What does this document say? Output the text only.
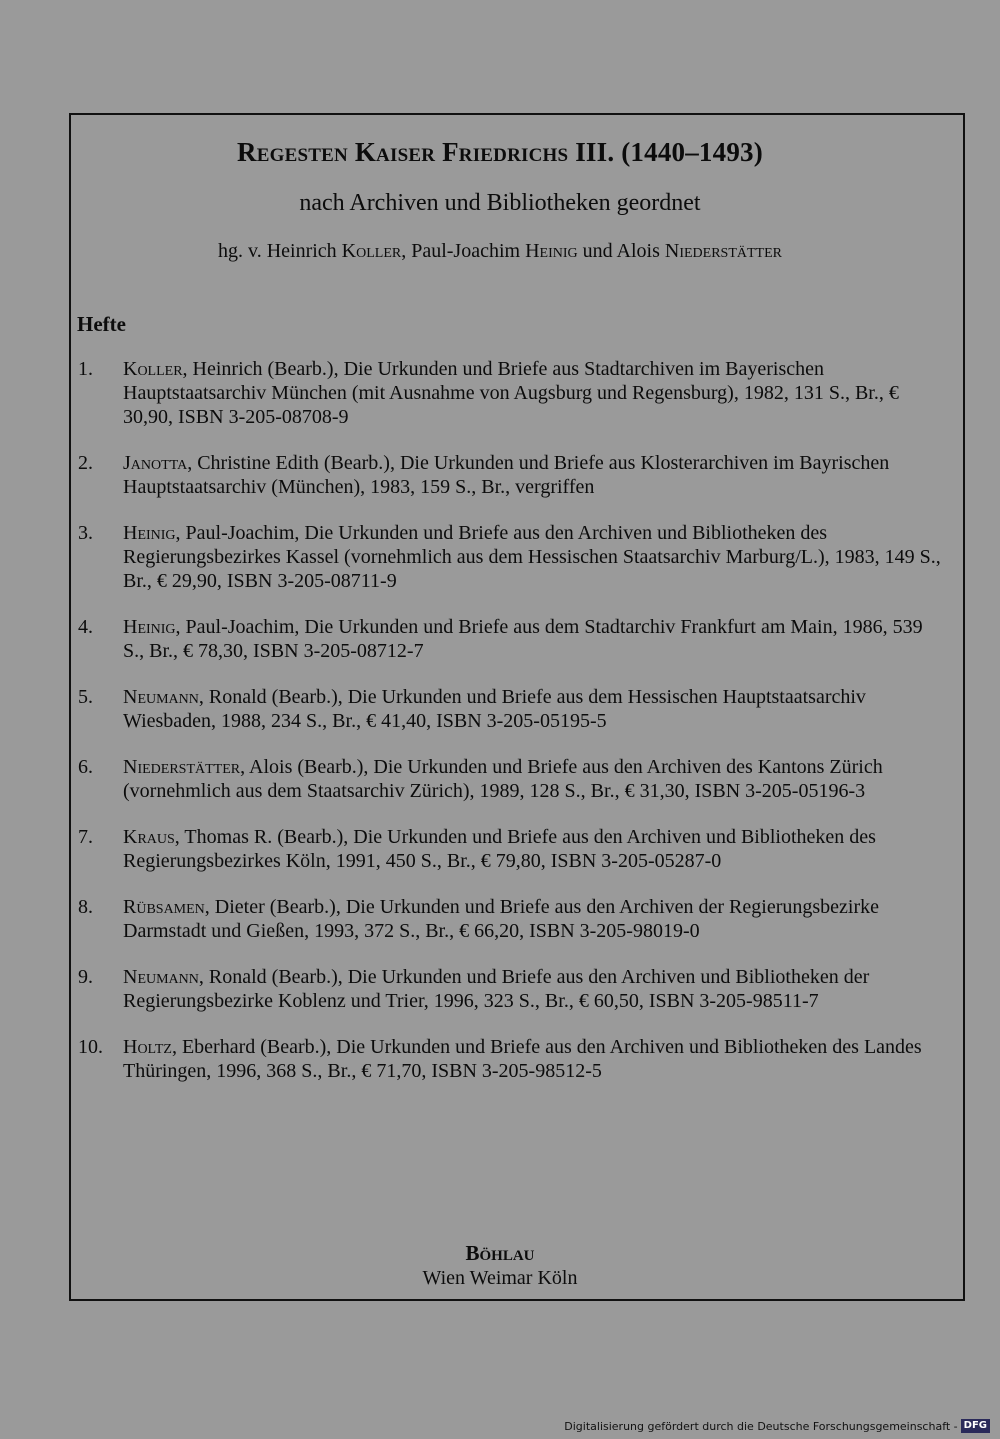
Regesten Kaiser Friedrichs III. (1440–1493)
nach Archiven und Bibliotheken geordnet
hg. v. Heinrich Koller, Paul-Joachim Heinig und Alois Niederstätter
Hefte
1. Koller, Heinrich (Bearb.), Die Urkunden und Briefe aus Stadtarchiven im Bayerischen Hauptstaatsarchiv München (mit Ausnahme von Augsburg und Regensburg), 1982, 131 S., Br., € 30,90, ISBN 3-205-08708-9
2. Janotta, Christine Edith (Bearb.), Die Urkunden und Briefe aus Klosterarchiven im Bayrischen Hauptstaatsarchiv (München), 1983, 159 S., Br., vergriffen
3. Heinig, Paul-Joachim, Die Urkunden und Briefe aus den Archiven und Bibliotheken des Regierungsbezirkes Kassel (vornehmlich aus dem Hessischen Staatsarchiv Marburg/L.), 1983, 149 S., Br., € 29,90, ISBN 3-205-08711-9
4. Heinig, Paul-Joachim, Die Urkunden und Briefe aus dem Stadtarchiv Frankfurt am Main, 1986, 539 S., Br., € 78,30, ISBN 3-205-08712-7
5. Neumann, Ronald (Bearb.), Die Urkunden und Briefe aus dem Hessischen Hauptstaatsarchiv Wiesbaden, 1988, 234 S., Br., € 41,40, ISBN 3-205-05195-5
6. Niederstätter, Alois (Bearb.), Die Urkunden und Briefe aus den Archiven des Kantons Zürich (vornehmlich aus dem Staatsarchiv Zürich), 1989, 128 S., Br., € 31,30, ISBN 3-205-05196-3
7. Kraus, Thomas R. (Bearb.), Die Urkunden und Briefe aus den Archiven und Bibliotheken des Regierungsbezirkes Köln, 1991, 450 S., Br., € 79,80, ISBN 3-205-05287-0
8. Rübsamen, Dieter (Bearb.), Die Urkunden und Briefe aus den Archiven der Regierungsbezirke Darmstadt und Gießen, 1993, 372 S., Br., € 66,20, ISBN 3-205-98019-0
9. Neumann, Ronald (Bearb.), Die Urkunden und Briefe aus den Archiven und Bibliotheken der Regierungsbezirke Koblenz und Trier, 1996, 323 S., Br., € 60,50, ISBN 3-205-98511-7
10. Holtz, Eberhard (Bearb.), Die Urkunden und Briefe aus den Archiven und Bibliotheken des Landes Thüringen, 1996, 368 S., Br., € 71,70, ISBN 3-205-98512-5
Böhlau
Wien Weimar Köln
Digitalisierung gefördert durch die Deutsche Forschungsgemeinschaft - DFG
